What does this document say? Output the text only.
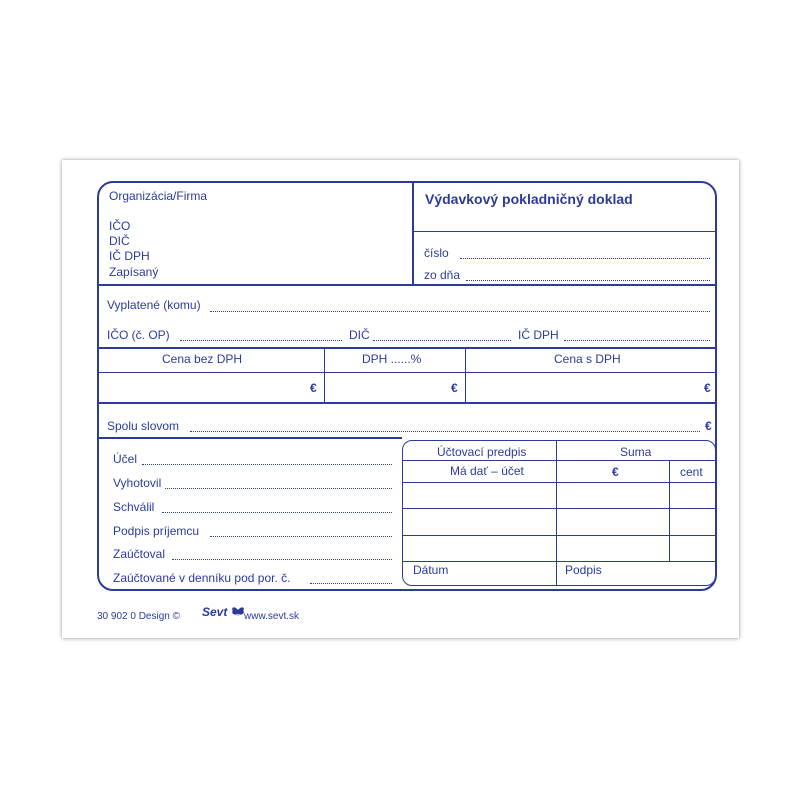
Organizácia/Firma
IČO
DIČ
IČ DPH
Zapísaný
Výdavkový pokladničný doklad
číslo
zo dňa
Vyplatené (komu)
IČO (č. OP)	DIČ	IČ DPH
Cena bez DPH	DPH ......%	Cena s DPH
€	€	€
Spolu slovom	€
Účel
Vyhotovil
Schválil
Podpis príjemcu
Zaúčtoval
Zaúčtované v denníku pod por. č.
Účtovací predpis	Suma
Má dať – účet	€	cent
Dátum	Podpis
30 902 0 Design © Sevt	www.sevt.sk
